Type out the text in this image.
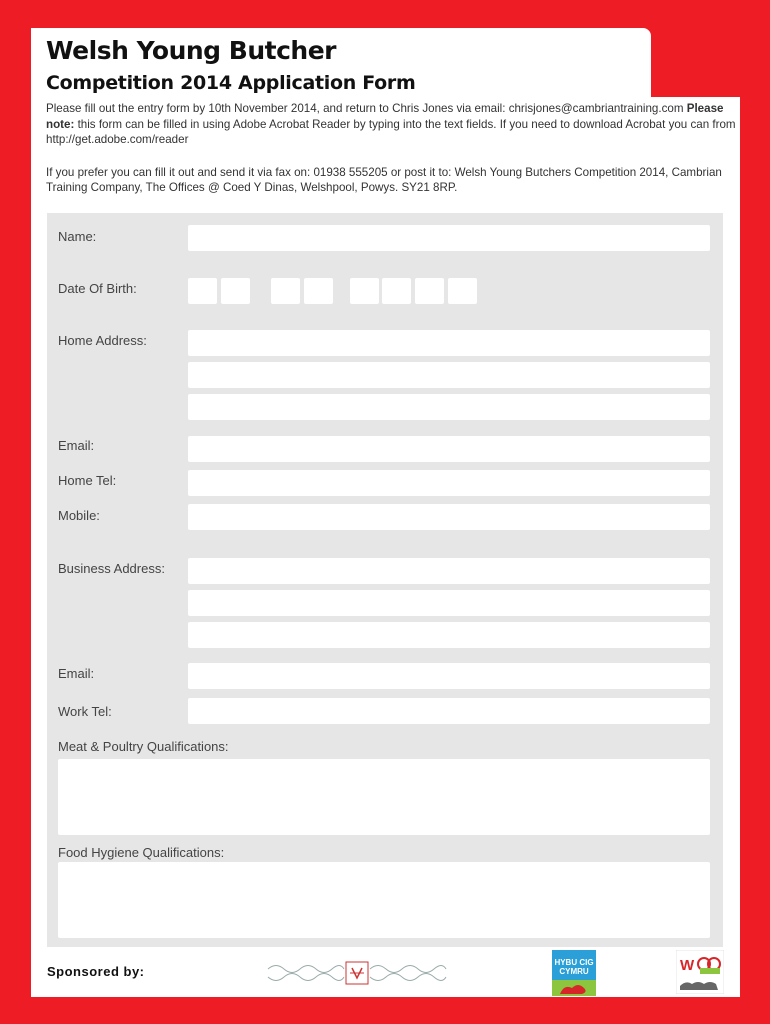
Welsh Young Butcher
Competition 2014 Application Form

Please fill out the entry form by 10th November 2014, and return to Chris Jones via email: chrisjones@cambriantraining.com Please note: this form can be filled in using Adobe Acrobat Reader by typing into the text fields. If you need to download Acrobat you can from http://get.adobe.com/reader

If you prefer you can fill it out and send it via fax on: 01938 555205 or post it to: Welsh Young Butchers Competition 2014, Cambrian Training Company, The Offices @ Coed Y Dinas, Welshpool, Powys. SY21 8RP.

Name:
Date Of Birth:
Home Address:
Email:
Home Tel:
Mobile:
Business Address:
Email:
Work Tel:
Meat & Poultry Qualifications:
Food Hygiene Qualifications:
Sponsored by:
HYBU CIG
CYMRU	W
